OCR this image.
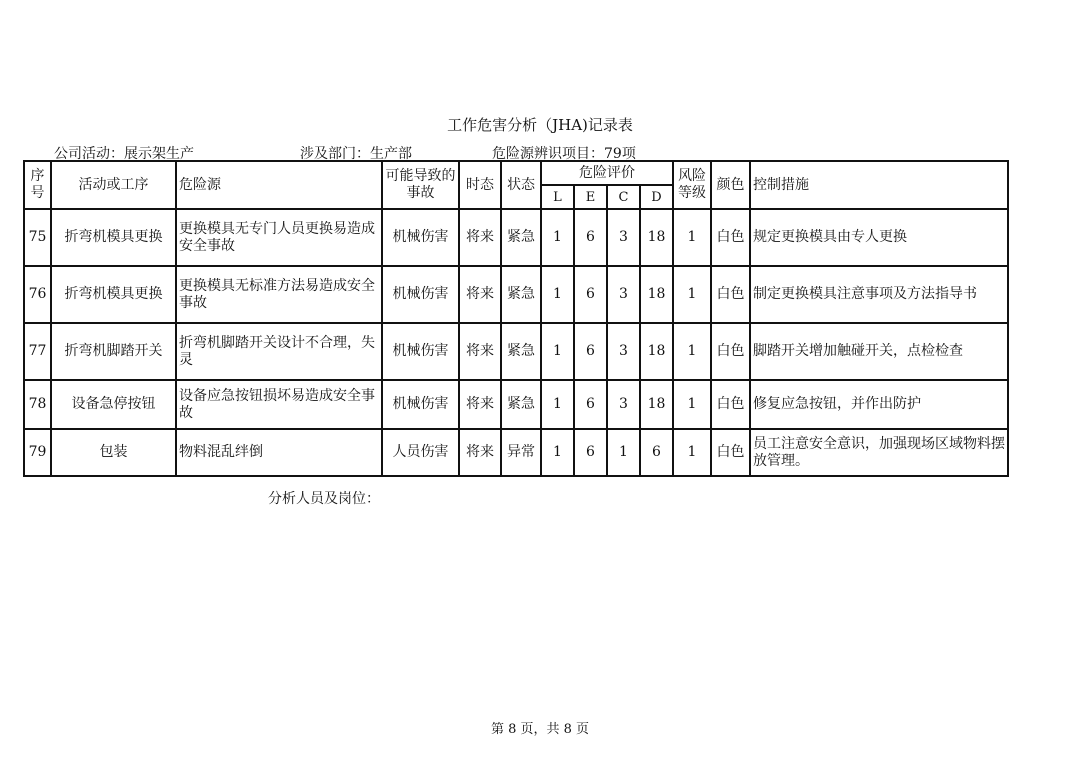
工作危害分析（JHA)记录表
公司活动：展示架生产	涉及部门：生产部	危险源辨识项目：79项
序号	活动或工序	危险源	可能导致的事故	时态	状态	危险评价				风险等级	颜色	控制措施
						L	E	C	D			
75	折弯机模具更换	更换模具无专门人员更换易造成安全事故	机械伤害	将来	紧急	1	6	3	18	1	白色	规定更换模具由专人更换
76	折弯机模具更换	更换模具无标准方法易造成安全事故	机械伤害	将来	紧急	1	6	3	18	1	白色	制定更换模具注意事项及方法指导书
77	折弯机脚踏开关	折弯机脚踏开关设计不合理，失灵	机械伤害	将来	紧急	1	6	3	18	1	白色	脚踏开关增加触碰开关，点检检查
78	设备急停按钮	设备应急按钮损坏易造成安全事故	机械伤害	将来	紧急	1	6	3	18	1	白色	修复应急按钮，并作出防护
79	包装	物料混乱绊倒	人员伤害	将来	异常	1	6	1	6	1	白色	员工注意安全意识，加强现场区域物料摆放管理。
分析人员及岗位：
第 8 页，共 8 页
